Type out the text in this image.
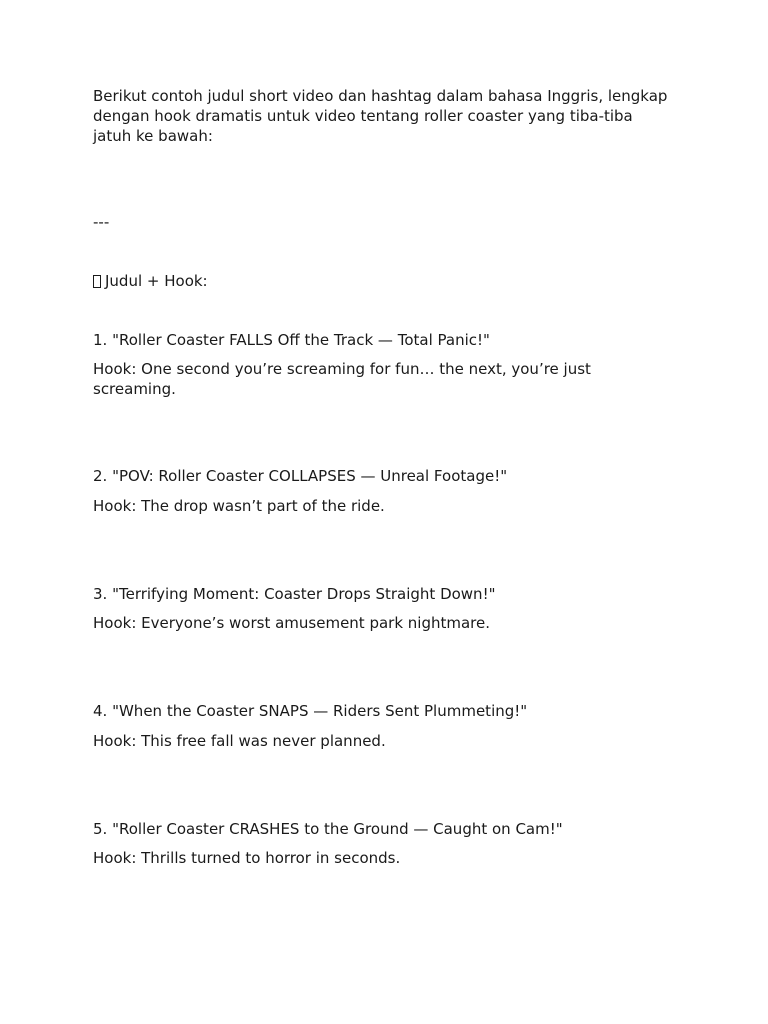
Berikut contoh judul short video dan hashtag dalam bahasa Inggris, lengkap dengan hook dramatis untuk video tentang roller coaster yang tiba-tiba jatuh ke bawah:

---

Judul + Hook:

1. "Roller Coaster FALLS Off the Track — Total Panic!"

Hook: One second you’re screaming for fun… the next, you’re just screaming.

2. "POV: Roller Coaster COLLAPSES — Unreal Footage!"

Hook: The drop wasn’t part of the ride.

3. "Terrifying Moment: Coaster Drops Straight Down!"

Hook: Everyone’s worst amusement park nightmare.

4. "When the Coaster SNAPS — Riders Sent Plummeting!"

Hook: This free fall was never planned.

5. "Roller Coaster CRASHES to the Ground — Caught on Cam!"

Hook: Thrills turned to horror in seconds.
